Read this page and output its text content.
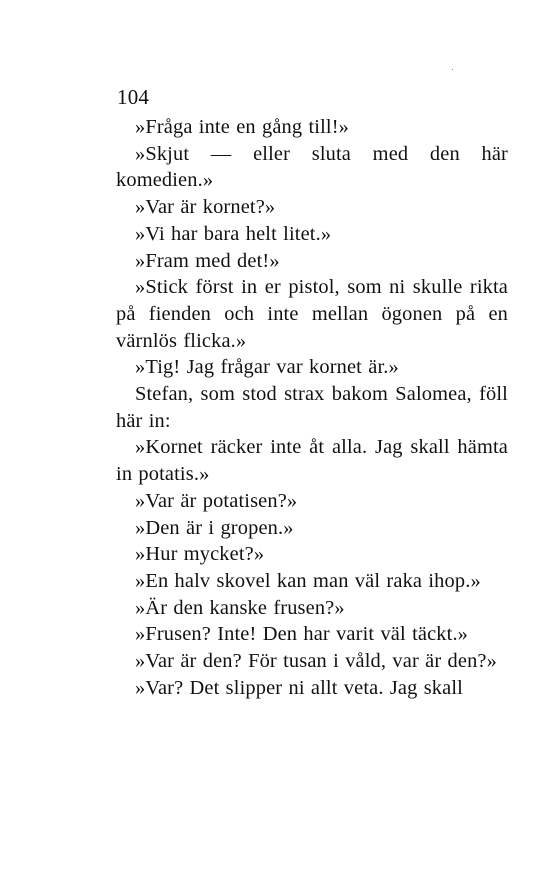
104

»Fråga inte en gång till!»

»Skjut — eller sluta med den här komedien.»

»Var är kornet?»

»Vi har bara helt litet.»

»Fram med det!»

»Stick först in er pistol, som ni skulle rikta på fienden och inte mellan ögonen på en värnlös flicka.»

»Tig! Jag frågar var kornet är.»

Stefan, som stod strax bakom Salomea, föll här in:

»Kornet räcker inte åt alla. Jag skall hämta in potatis.»

»Var är potatisen?»

»Den är i gropen.»

»Hur mycket?»

»En halv skovel kan man väl raka ihop.»

»Är den kanske frusen?»

»Frusen? Inte! Den har varit väl täckt.»

»Var är den? För tusan i våld, var är den?»

»Var? Det slipper ni allt veta. Jag skall
